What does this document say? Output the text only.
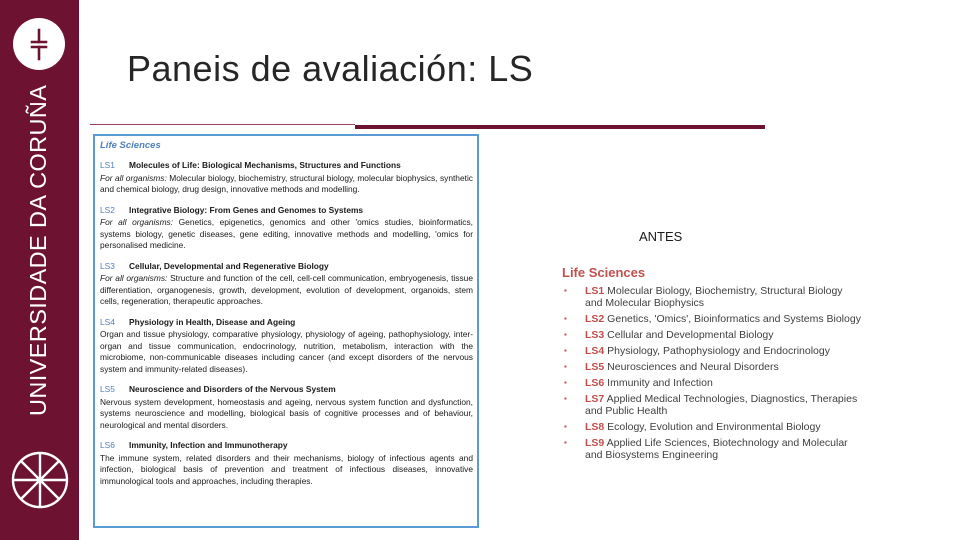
UNIVERSIDADE DA CORUÑA
Paneis de avaliación: LS
Life Sciences
LS1	Molecules of Life: Biological Mechanisms, Structures and Functions
For all organisms: Molecular biology, biochemistry, structural biology, molecular biophysics, synthetic and chemical biology, drug design, innovative methods and modelling.
LS2	Integrative Biology: From Genes and Genomes to Systems
For all organisms: Genetics, epigenetics, genomics and other 'omics studies, bioinformatics, systems biology, genetic diseases, gene editing, innovative methods and modelling, 'omics for personalised medicine.
LS3	Cellular, Developmental and Regenerative Biology
For all organisms: Structure and function of the cell, cell-cell communication, embryogenesis, tissue differentiation, organogenesis, growth, development, evolution of development, organoids, stem cells, regeneration, therapeutic approaches.
LS4	Physiology in Health, Disease and Ageing
Organ and tissue physiology, comparative physiology, physiology of ageing, pathophysiology, inter-organ and tissue communication, endocrinology, nutrition, metabolism, interaction with the microbiome, non-communicable diseases including cancer (and except disorders of the nervous system and immunity-related diseases).
LS5	Neuroscience and Disorders of the Nervous System
Nervous system development, homeostasis and ageing, nervous system function and dysfunction, systems neuroscience and modelling, biological basis of cognitive processes and of behaviour, neurological and mental disorders.
LS6	Immunity, Infection and Immunotherapy
The immune system, related disorders and their mechanisms, biology of infectious agents and infection, biological basis of prevention and treatment of infectious diseases, innovative immunological tools and approaches, including therapies.
ANTES
Life Sciences
▪ LS1 Molecular Biology, Biochemistry, Structural Biology and Molecular Biophysics
▪ LS2 Genetics, 'Omics', Bioinformatics and Systems Biology
▪ LS3 Cellular and Developmental Biology
▪ LS4 Physiology, Pathophysiology and Endocrinology
▪ LS5 Neurosciences and Neural Disorders
▪ LS6 Immunity and Infection
▪ LS7 Applied Medical Technologies, Diagnostics, Therapies and Public Health
▪ LS8 Ecology, Evolution and Environmental Biology
▪ LS9 Applied Life Sciences, Biotechnology and Molecular and Biosystems Engineering
